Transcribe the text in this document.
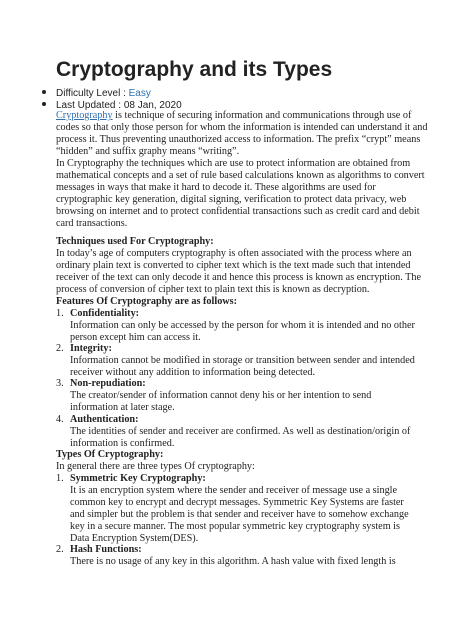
Cryptography and its Types

Difficulty Level : Easy

Last Updated : 08 Jan, 2020

Cryptography is technique of securing information and communications through use of codes so that only those person for whom the information is intended can understand it and process it. Thus preventing unauthorized access to information. The prefix “crypt” means “hidden” and suffix graphy means “writing”.

In Cryptography the techniques which are use to protect information are obtained from mathematical concepts and a set of rule based calculations known as algorithms to convert messages in ways that make it hard to decode it. These algorithms are used for cryptographic key generation, digital signing, verification to protect data privacy, web browsing on internet and to protect confidential transactions such as credit card and debit card transactions.

Techniques used For Cryptography:

In today’s age of computers cryptography is often associated with the process where an ordinary plain text is converted to cipher text which is the text made such that intended receiver of the text can only decode it and hence this process is known as encryption. The process of conversion of cipher text to plain text this is known as decryption.

Features Of Cryptography are as follows:

1. Confidentiality:

Information can only be accessed by the person for whom it is intended and no other person except him can access it.

2. Integrity:

Information cannot be modified in storage or transition between sender and intended receiver without any addition to information being detected.

3. Non-repudiation:

The creator/sender of information cannot deny his or her intention to send information at later stage.

4. Authentication:

The identities of sender and receiver are confirmed. As well as destination/origin of information is confirmed.

Types Of Cryptography:

In general there are three types Of cryptography:

1. Symmetric Key Cryptography:

It is an encryption system where the sender and receiver of message use a single common key to encrypt and decrypt messages. Symmetric Key Systems are faster and simpler but the problem is that sender and receiver have to somehow exchange key in a secure manner. The most popular symmetric key cryptography system is Data Encryption System(DES).

2. Hash Functions:

There is no usage of any key in this algorithm. A hash value with fixed length is
